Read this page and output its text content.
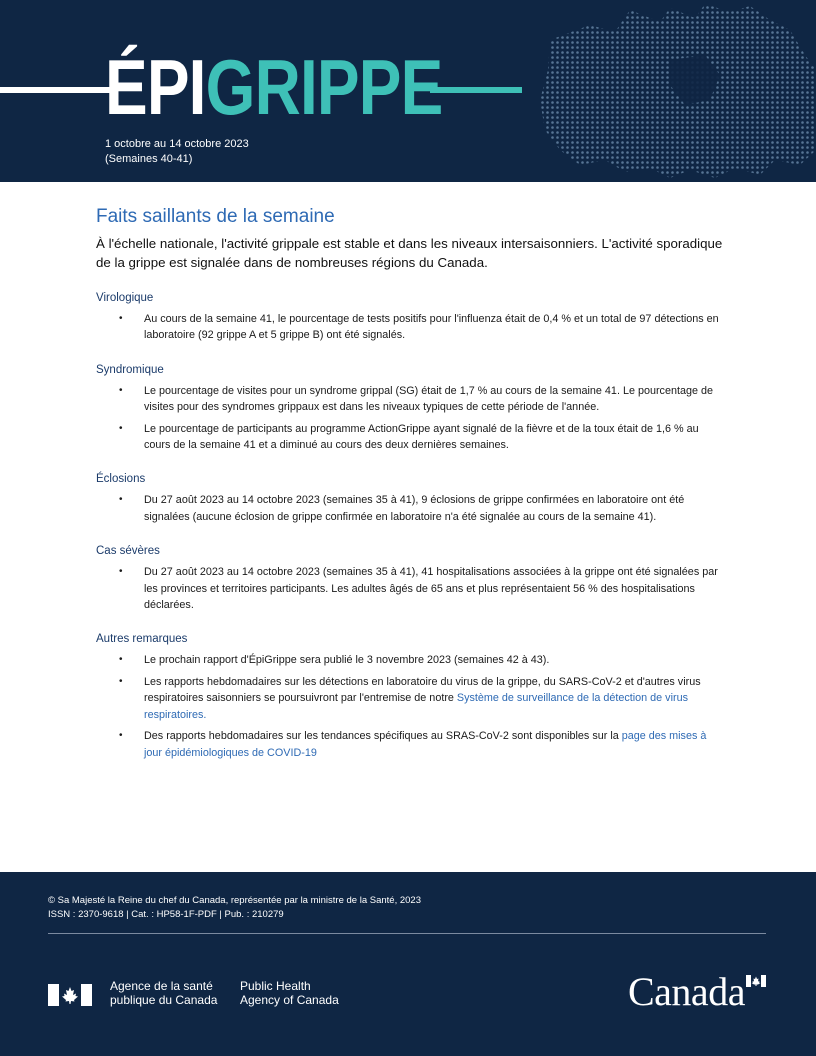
ÉPIGRIPPE
1 octobre au 14 octobre 2023
(Semaines 40-41)
Faits saillants de la semaine

À l'échelle nationale, l'activité grippale est stable et dans les niveaux intersaisonniers. L'activité sporadique de la grippe est signalée dans de nombreuses régions du Canada.

Virologique
• Au cours de la semaine 41, le pourcentage de tests positifs pour l'influenza était de 0,4 % et un total de 97 détections en laboratoire (92 grippe A et 5 grippe B) ont été signalés.
Syndromique
• Le pourcentage de visites pour un syndrome grippal (SG) était de 1,7 % au cours de la semaine 41. Le pourcentage de visites pour des syndromes grippaux est dans les niveaux typiques de cette période de l'année.
• Le pourcentage de participants au programme ActionGrippe ayant signalé de la fièvre et de la toux était de 1,6 % au cours de la semaine 41 et a diminué au cours des deux dernières semaines.
Éclosions
• Du 27 août 2023 au 14 octobre 2023 (semaines 35 à 41), 9 éclosions de grippe confirmées en laboratoire ont été signalées (aucune éclosion de grippe confirmée en laboratoire n'a été signalée au cours de la semaine 41).
Cas sévères
• Du 27 août 2023 au 14 octobre 2023 (semaines 35 à 41), 41 hospitalisations associées à la grippe ont été signalées par les provinces et territoires participants. Les adultes âgés de 65 ans et plus représentaient 56 % des hospitalisations déclarées.
Autres remarques
• Le prochain rapport d'ÉpiGrippe sera publié le 3 novembre 2023 (semaines 42 à 43).
• Les rapports hebdomadaires sur les détections en laboratoire du virus de la grippe, du SARS-CoV-2 et d'autres virus respiratoires saisonniers se poursuivront par l'entremise de notre Système de surveillance de la détection de virus respiratoires.
• Des rapports hebdomadaires sur les tendances spécifiques au SRAS-CoV-2 sont disponibles sur la page des mises à jour épidémiologiques de COVID-19
© Sa Majesté la Reine du chef du Canada, représentée par la ministre de la Santé, 2023
ISSN : 2370-9618 | Cat. : HP58-1F-PDF | Pub. : 210279
Agence de la santé
publique du Canada
Public Health
Agency of Canada	Canada
